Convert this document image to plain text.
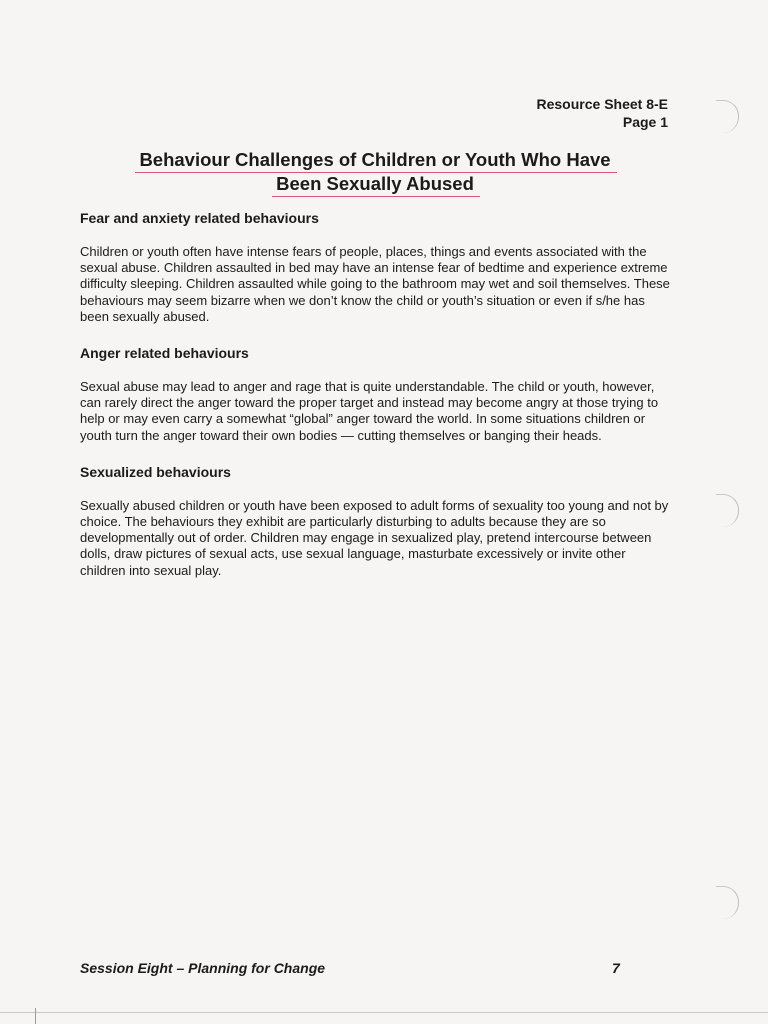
Resource Sheet 8-E
Page 1
Behaviour Challenges of Children or Youth Who Have
Been Sexually Abused
Fear and anxiety related behaviours

Children or youth often have intense fears of people, places, things and events associated with the sexual abuse. Children assaulted in bed may have an intense fear of bedtime and experience extreme difficulty sleeping. Children assaulted while going to the bathroom may wet and soil themselves. These behaviours may seem bizarre when we don’t know the child or youth’s situation or even if s/he has been sexually abused.

Anger related behaviours

Sexual abuse may lead to anger and rage that is quite understandable. The child or youth, however, can rarely direct the anger toward the proper target and instead may become angry at those trying to help or may even carry a somewhat “global” anger toward the world. In some situations children or youth turn the anger toward their own bodies — cutting themselves or banging their heads.

Sexualized behaviours

Sexually abused children or youth have been exposed to adult forms of sexuality too young and not by choice. The behaviours they exhibit are particularly disturbing to adults because they are so developmentally out of order. Children may engage in sexualized play, pretend intercourse between dolls, draw pictures of sexual acts, use sexual language, masturbate excessively or invite other children into sexual play.

Session Eight – Planning for Change	7
